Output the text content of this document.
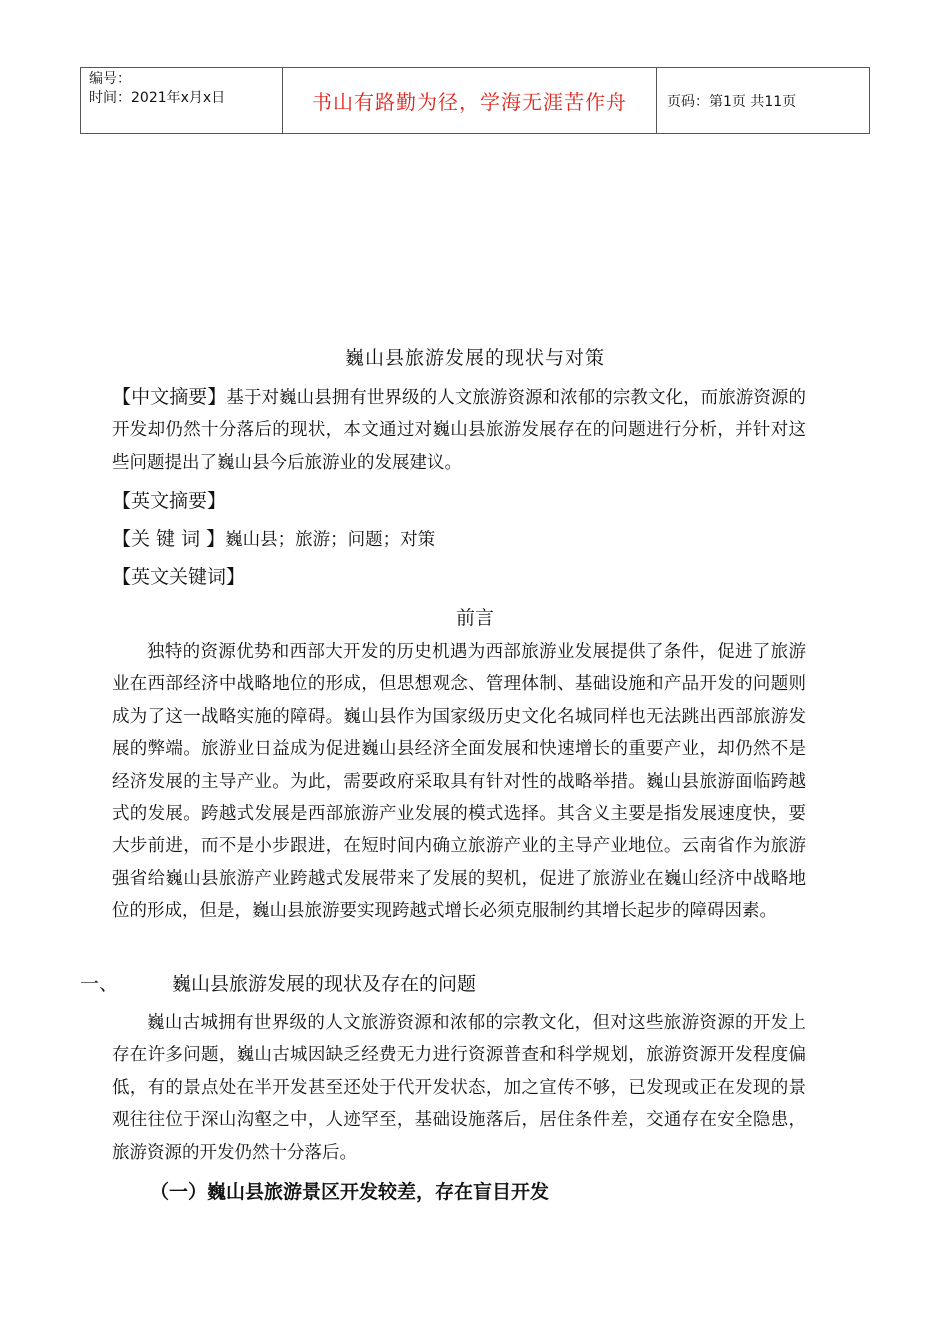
编号：
时间：2021年x月x日	书山有路勤为径，学海无涯苦作舟	页码：第1页 共11页
巍山县旅游发展的现状与对策
【中文摘要】基于对巍山县拥有世界级的人文旅游资源和浓郁的宗教文化，而旅游资源的开发却仍然十分落后的现状，本文通过对巍山县旅游发展存在的问题进行分析，并针对这些问题提出了巍山县今后旅游业的发展建议。
【英文摘要】
【关 键 词 】巍山县；旅游；问题；对策
【英文关键词】
前言
独特的资源优势和西部大开发的历史机遇为西部旅游业发展提供了条件，促进了旅游业在西部经济中战略地位的形成，但思想观念、管理体制、基础设施和产品开发的问题则成为了这一战略实施的障碍。巍山县作为国家级历史文化名城同样也无法跳出西部旅游发展的弊端。旅游业日益成为促进巍山县经济全面发展和快速增长的重要产业，却仍然不是经济发展的主导产业。为此，需要政府采取具有针对性的战略举措。巍山县旅游面临跨越式的发展。跨越式发展是西部旅游产业发展的模式选择。其含义主要是指发展速度快，要大步前进，而不是小步跟进，在短时间内确立旅游产业的主导产业地位。云南省作为旅游强省给巍山县旅游产业跨越式发展带来了发展的契机，促进了旅游业在巍山经济中战略地位的形成，但是，巍山县旅游要实现跨越式增长必须克服制约其增长起步的障碍因素。
一、	巍山县旅游发展的现状及存在的问题
巍山古城拥有世界级的人文旅游资源和浓郁的宗教文化，但对这些旅游资源的开发上存在许多问题，巍山古城因缺乏经费无力进行资源普查和科学规划，旅游资源开发程度偏低，有的景点处在半开发甚至还处于代开发状态，加之宣传不够，已发现或正在发现的景观往往位于深山沟壑之中，人迹罕至，基础设施落后，居住条件差，交通存在安全隐患，旅游资源的开发仍然十分落后。
（一）巍山县旅游景区开发较差，存在盲目开发
